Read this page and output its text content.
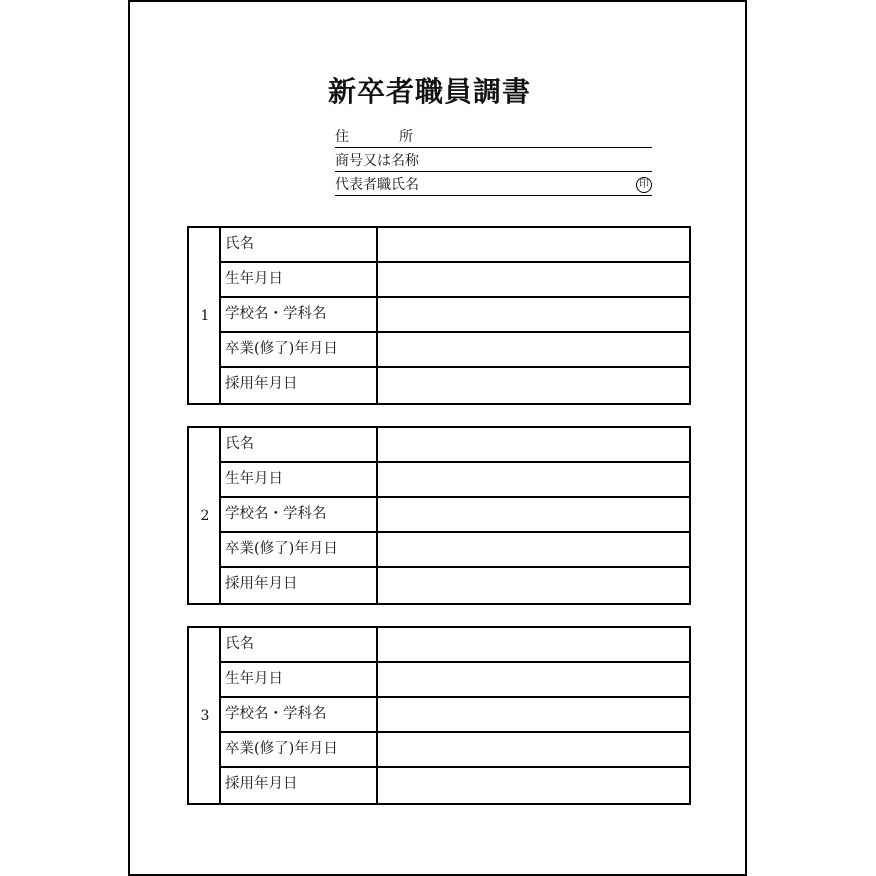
新卒者職員調書
住所
商号又は名称
代表者職氏名	印
1
氏名
生年月日
学校名・学科名
卒業(修了)年月日
採用年月日
2
氏名
生年月日
学校名・学科名
卒業(修了)年月日
採用年月日
3
氏名
生年月日
学校名・学科名
卒業(修了)年月日
採用年月日
